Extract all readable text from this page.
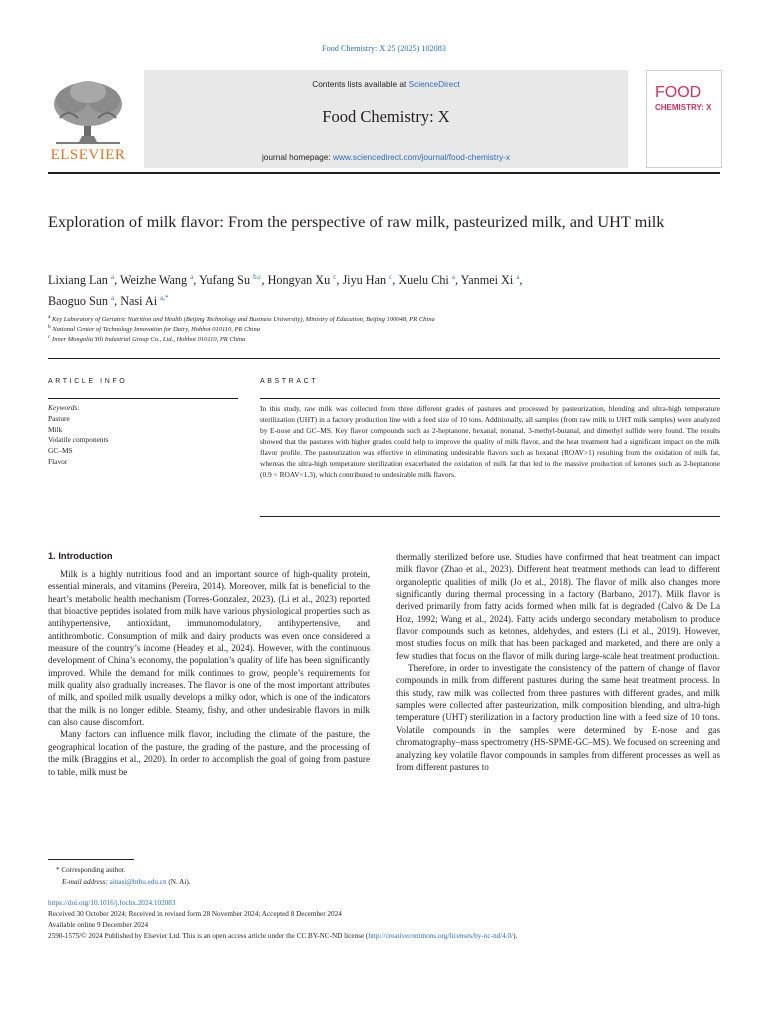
Food Chemistry: X 25 (2025) 102083
ELSEVIER
Contents lists available at ScienceDirect
Food Chemistry: X
journal homepage: www.sciencedirect.com/journal/food-chemistry-x
FOOD
CHEMISTRY: X
Exploration of milk flavor: From the perspective of raw milk, pasteurized milk, and UHT milk
Lixiang Lan $^a$, Weizhe Wang $^a$, Yufang Su $^{b,c}$, Hongyan Xu $^c$, Jiyu Han $^c$, Xuelu Chi $^a$, Yanmei Xi $^a$,
Baoguo Sun $^a$, Nasi Ai $^{a,*}$
$^a$ Key Laboratory of Geriatric Nutrition and Health (Beijing Technology and Business University), Ministry of Education, Beijing 100048, PR China
$^b$ National Center of Technology Innovation for Dairy, Hohhot 010110, PR China
$^c$ Inner Mongolia Yili Industrial Group Co., Ltd., Hohhot 010110, PR China
ARTICLE INFO	ABSTRACT
Keywords:
Pasture
Milk
Volatile components
GC–MS
Flavor
In this study, raw milk was collected from three different grades of pastures and processed by pasteurization, blending and ultra-high temperature sterilization (UHT) in a factory production line with a feed size of 10 tons. Additionally, all samples (from raw milk to UHT milk samples) were analyzed by E-nose and GC–MS. Key flavor compounds such as 2-heptanone, hexanal, nonanal, 3-methyl-butanal, and dimethyl sulfide were found. The results showed that the pastures with higher grades could help to improve the quality of milk flavor, and the heat treatment had a significant impact on the milk flavor profile. The pasteurization was effective in eliminating undesirable flavors such as hexanal (ROAV>1) resulting from the oxidation of milk fat, whereas the ultra-high temperature sterilization exacerbated the oxidation of milk fat that led to the massive production of ketones such as 2-heptanone (0.9 < ROAV<1.3), which contributed to undesirable milk flavors.
1. Introduction

Milk is a highly nutritious food and an important source of high-quality protein, essential minerals, and vitamins (Pereira, 2014). Moreover, milk fat is beneficial to the heart’s metabolic health mechanism (Torres-Gonzalez, 2023). (Li et al., 2023) reported that bioactive peptides isolated from milk have various physiological properties such as antihypertensive, antioxidant, immunomodulatory, antihypertensive, and antithrombotic. Consumption of milk and dairy products was even once considered a measure of the country’s income (Headey et al., 2024). However, with the continuous development of China’s economy, the population’s quality of life has been significantly improved. While the demand for milk continues to grow, people’s requirements for milk quality also gradually increases. The flavor is one of the most important attributes of milk, and spoiled milk usually develops a milky odor, which is one of the indicators that the milk is no longer edible. Steamy, fishy, and other undesirable flavors in milk can also cause discomfort.

Many factors can influence milk flavor, including the climate of the pasture, the geographical location of the pasture, the grading of the pasture, and the processing of the milk (Braggins et al., 2020). In order to accomplish the goal of going from pasture to table, milk must be

thermally sterilized before use. Studies have confirmed that heat treatment can impact milk flavor (Zhao et al., 2023). Different heat treatment methods can lead to different organoleptic qualities of milk (Jo et al., 2018). The flavor of milk also changes more significantly during thermal processing in a factory (Barbano, 2017). Milk flavor is derived primarily from fatty acids formed when milk fat is degraded (Calvo & De La Hoz, 1992; Wang et al., 2024). Fatty acids undergo secondary metabolism to produce flavor compounds such as ketones, aldehydes, and esters (Li et al., 2019). However, most studies focus on milk that has been packaged and marketed, and there are only a few studies that focus on the flavor of milk during large-scale heat treatment production.

Therefore, in order to investigate the consistency of the pattern of change of flavor compounds in milk from different pastures during the same heat treatment process. In this study, raw milk was collected from three pastures with different grades, and milk samples were collected after pasteurization, milk composition blending, and ultra-high temperature (UHT) sterilization in a factory production line with a feed size of 10 tons. Volatile compounds in the samples were determined by E-nose and gas chromatography–mass spectrometry (HS-SPME-GC–MS). We focused on screening and analyzing key volatile flavor compounds in samples from different processes as well as from different pastures to

* Corresponding author.
E-mail address: ainasi@btbu.edu.cn (N. Ai).
https://doi.org/10.1016/j.fochx.2024.102083
Received 30 October 2024; Received in revised form 28 November 2024; Accepted 8 December 2024
Available online 9 December 2024
2590-1575/© 2024 Published by Elsevier Ltd. This is an open access article under the CC BY-NC-ND license (http://creativecommons.org/licenses/by-nc-nd/4.0/).
